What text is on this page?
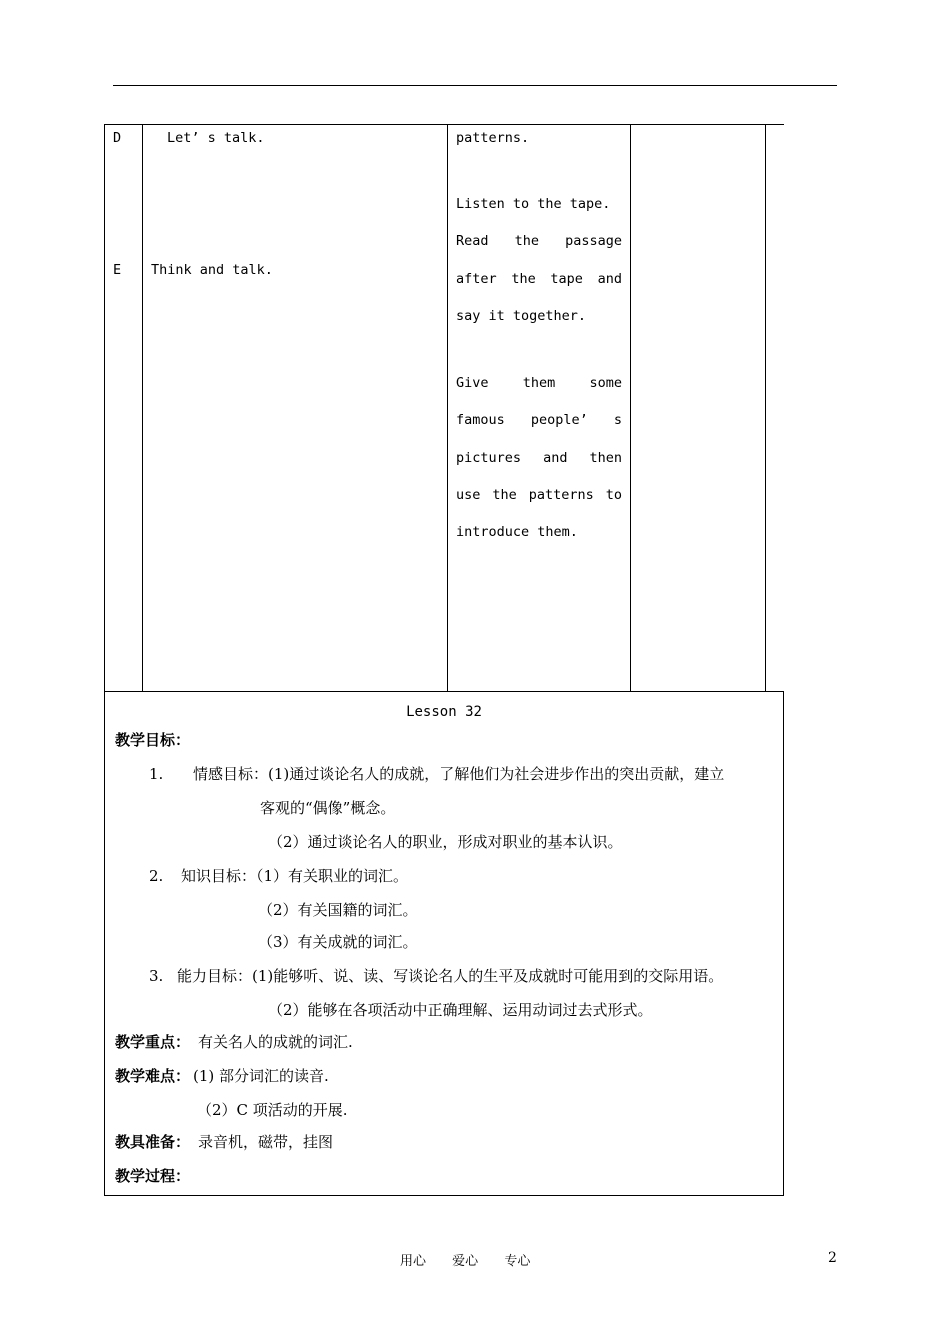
D	Let’ s talk.
E Think and talk.
patterns.
Listen to the tape.
Read the passage
after the tape and
say it together.
Give them some
famous people’ s
pictures and then
use the patterns to
introduce them.
Lesson 32
教学目标：
1. 情感目标：(1)通过谈论名人的成就，了解他们为社会进步作出的突出贡献，建立
客观的“偶像”概念。
（2）通过谈论名人的职业，形成对职业的基本认识。
2. 知识目标：（1）有关职业的词汇。
（2）有关国籍的词汇。
（3）有关成就的词汇。
3. 能力目标：(1)能够听、说、读、写谈论名人的生平及成就时可能用到的交际用语。
（2）能够在各项活动中正确理解、运用动词过去式形式。
教学重点： 有关名人的成就的词汇.
教学难点： (1) 部分词汇的读音.
（2）C 项活动的开展.
教具准备： 录音机，磁带，挂图
教学过程：
用心 爱心 专心	2
